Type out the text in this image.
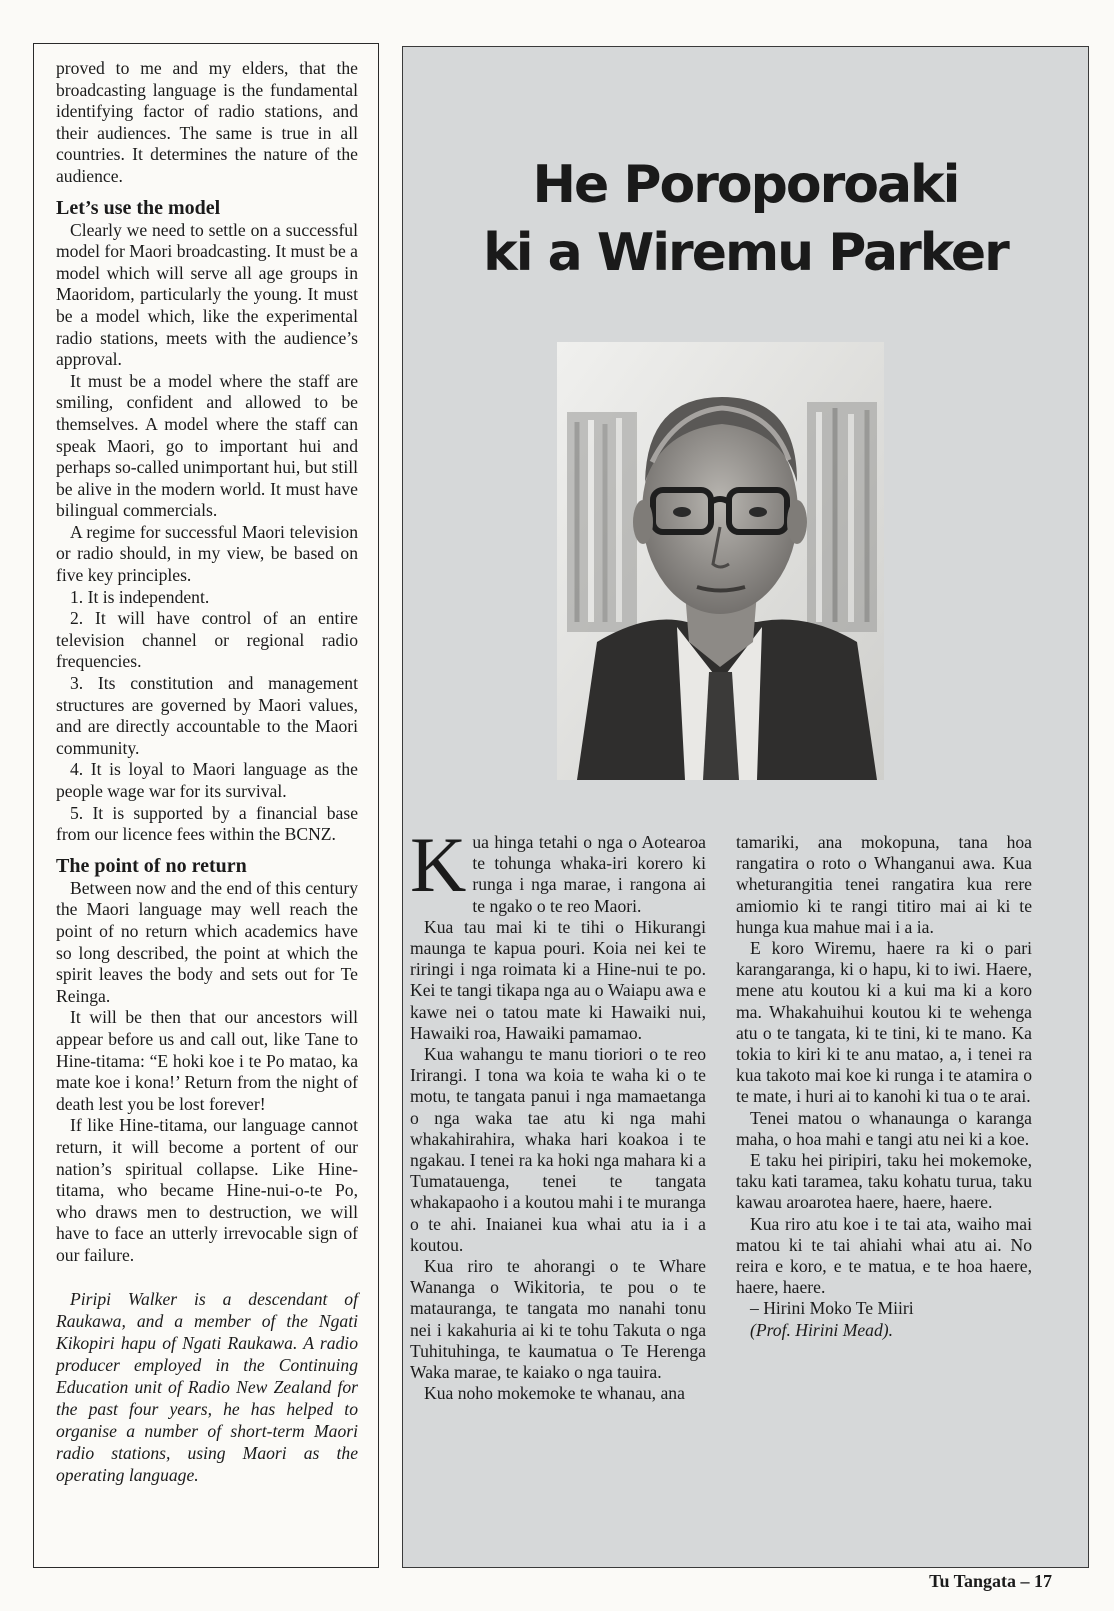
proved to me and my elders, that the broadcasting language is the fundamental identifying factor of radio stations, and their audiences. The same is true in all countries. It determines the nature of the audience.

Let’s use the model

Clearly we need to settle on a successful model for Maori broadcasting. It must be a model which will serve all age groups in Maoridom, particularly the young. It must be a model which, like the experimental radio stations, meets with the audience’s approval.

It must be a model where the staff are smiling, confident and allowed to be themselves. A model where the staff can speak Maori, go to important hui and perhaps so-called unimportant hui, but still be alive in the modern world. It must have bilingual commercials.

A regime for successful Maori television or radio should, in my view, be based on five key principles.

1. It is independent.

2. It will have control of an entire television channel or regional radio frequencies.

3. Its constitution and management structures are governed by Maori values, and are directly accountable to the Maori community.

4. It is loyal to Maori language as the people wage war for its survival.

5. It is supported by a financial base from our licence fees within the BCNZ.

The point of no return

Between now and the end of this century the Maori language may well reach the point of no return which academics have so long described, the point at which the spirit leaves the body and sets out for Te Reinga.

It will be then that our ancestors will appear before us and call out, like Tane to Hine-titama: “E hoki koe i te Po matao, ka mate koe i kona!’ Return from the night of death lest you be lost forever!

If like Hine-titama, our language cannot return, it will become a portent of our nation’s spiritual collapse. Like Hine-titama, who became Hine-nui-o-te Po, who draws men to destruction, we will have to face an utterly irrevocable sign of our failure.

Piripi Walker is a descendant of Raukawa, and a member of the Ngati Kikopiri hapu of Ngati Raukawa. A radio producer employed in the Continuing Education unit of Radio New Zealand for the past four years, he has helped to organise a number of short-term Maori radio stations, using Maori as the operating language.

He Poroporoaki
ki a Wiremu Parker

Kua hinga tetahi o nga o Aotearoa te tohunga whaka-iri korero ki runga i nga marae, i rangona ai te ngako o te reo Maori.

Kua tau mai ki te tihi o Hikurangi maunga te kapua pouri. Koia nei kei te riringi i nga roimata ki a Hine-nui te po. Kei te tangi tikapa nga au o Waiapu awa e kawe nei o tatou mate ki Hawaiki nui, Hawaiki roa, Hawaiki pamamao.

Kua wahangu te manu tioriori o te reo Irirangi. I tona wa koia te waha ki o te motu, te tangata panui i nga mamaetanga o nga waka tae atu ki nga mahi whakahirahira, whaka hari koakoa i te ngakau. I tenei ra ka hoki nga mahara ki a Tumatauenga, tenei te tangata whakapaoho i a koutou mahi i te muranga o te ahi. Inaianei kua whai atu ia i a koutou.

Kua riro te ahorangi o te Whare Wananga o Wikitoria, te pou o te matauranga, te tangata mo nanahi tonu nei i kakahuria ai ki te tohu Takuta o nga Tuhituhinga, te kaumatua o Te Herenga Waka marae, te kaiako o nga tauira.

Kua noho mokemoke te whanau, ana

tamariki, ana mokopuna, tana hoa rangatira o roto o Whanganui awa. Kua wheturangitia tenei rangatira kua rere amiomio ki te rangi titiro mai ai ki te hunga kua mahue mai i a ia.

E koro Wiremu, haere ra ki o pari karangaranga, ki o hapu, ki to iwi. Haere, mene atu koutou ki a kui ma ki a koro ma. Whakahuihui koutou ki te wehenga atu o te tangata, ki te tini, ki te mano. Ka tokia to kiri ki te anu matao, a, i tenei ra kua takoto mai koe ki runga i te atamira o te mate, i huri ai to kanohi ki tua o te arai.

Tenei matou o whanaunga o karanga maha, o hoa mahi e tangi atu nei ki a koe.

E taku hei piripiri, taku hei mokemoke, taku kati taramea, taku kohatu turua, taku kawau aroarotea haere, haere, haere.

Kua riro atu koe i te tai ata, waiho mai matou ki te tai ahiahi whai atu ai. No reira e koro, e te matua, e te hoa haere, haere, haere.

– Hirini Moko Te Miiri

(Prof. Hirini Mead).

Tu Tangata – 17
